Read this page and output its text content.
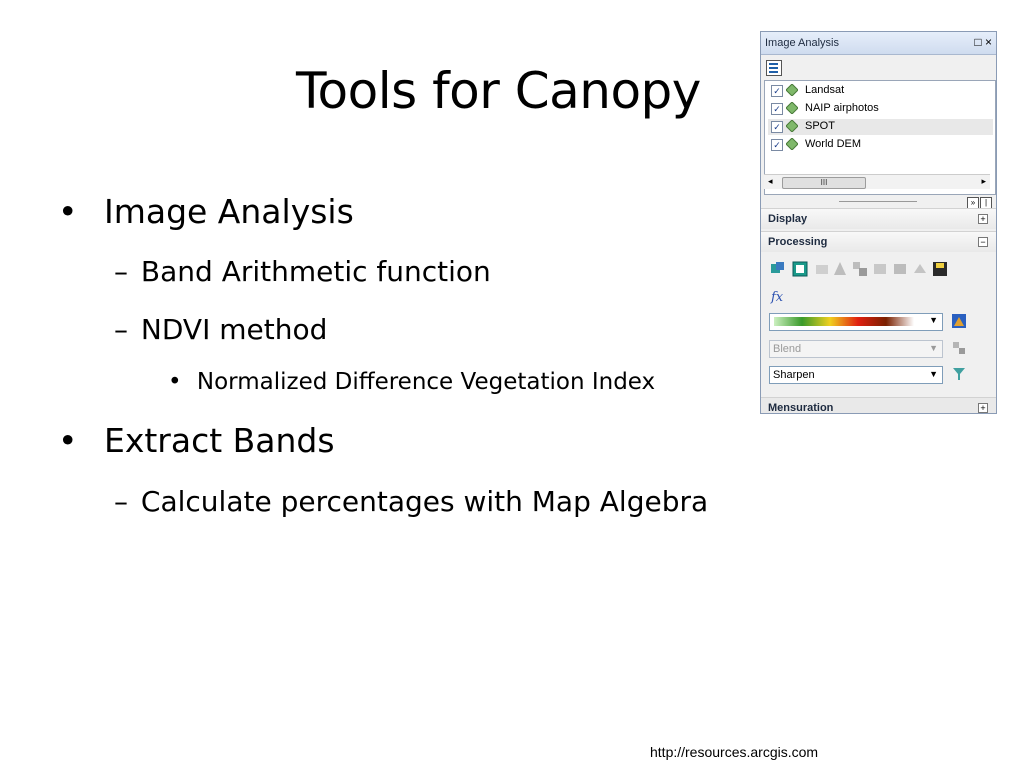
Tools for Canopy
• Image Analysis
– Band Arithmetic function
– NDVI method
• Normalized Difference Vegetation Index
• Extract Bands
– Calculate percentages with Map Algebra
http://resources.arcgis.com
Image Analysis	□ ×
✓ Landsat
✓ NAIP airphotos
✓ SPOT
✓ World DEM
◂	III	▸
» |
Display	+
Processing	−
fx
▼
Blend	▼
Sharpen	▼
Mensuration	+
